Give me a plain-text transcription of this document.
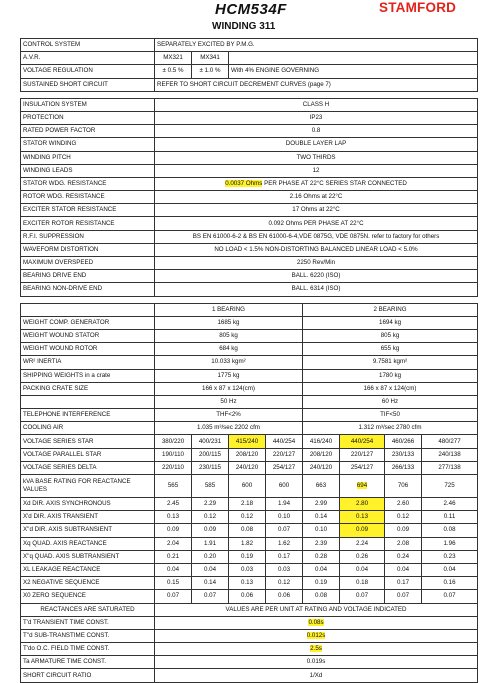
HCM534F	STAMFORD
WINDING 311
CONTROL SYSTEM	SEPARATELY EXCITED BY P.M.G.							
A.V.R.	MX321	MX341						
VOLTAGE REGULATION	± 0.5 %	± 1.0 %	With 4% ENGINE GOVERNING					
SUSTAINED SHORT CIRCUIT	REFER TO SHORT CIRCUIT DECREMENT CURVES (page 7)							

INSULATION SYSTEM	CLASS H							
PROTECTION	IP23							
RATED POWER FACTOR	0.8							
STATOR WINDING	DOUBLE LAYER LAP							
WINDING PITCH	TWO THIRDS							
WINDING LEADS	12							
STATOR WDG. RESISTANCE	0.0037 Ohms PER PHASE AT 22°C SERIES STAR CONNECTED							
ROTOR WDG. RESISTANCE	2.16 Ohms at 22°C							
EXCITER STATOR RESISTANCE	17 Ohms at 22°C							
EXCITER ROTOR RESISTANCE	0.092 Ohms PER PHASE AT 22°C							
R.F.I. SUPPRESSION	BS EN 61000-6-2 & BS EN 61000-6-4,VDE 0875G, VDE 0875N. refer to factory for others							
WAVEFORM DISTORTION	NO LOAD < 1.5% NON-DISTORTING BALANCED LINEAR LOAD < 5.0%							
MAXIMUM OVERSPEED	2250 Rev/Min							
BEARING DRIVE END	BALL. 6220 (ISO)							
BEARING NON-DRIVE END	BALL. 6314 (ISO)							

	1 BEARING				2 BEARING			
WEIGHT COMP. GENERATOR	1685 kg				1694 kg			
WEIGHT WOUND STATOR	805 kg				805 kg			
WEIGHT WOUND ROTOR	684 kg				655 kg			
WR² INERTIA	10.033 kgm²				9.7581 kgm²			
SHIPPING WEIGHTS in a crate	1775 kg				1780 kg			
PACKING CRATE SIZE	166 x 87 x 124(cm)				166 x 87 x 124(cm)			
	50 Hz				60 Hz			
TELEPHONE INTERFERENCE	THF<2%				TIF<50			
COOLING AIR	1.035 m³/sec 2202 cfm				1.312 m³/sec 2780 cfm			
VOLTAGE SERIES STAR	380/220	400/231	415/240	440/254	416/240	440/254	460/266	480/277
VOLTAGE PARALLEL STAR	190/110	200/115	208/120	220/127	208/120	220/127	230/133	240/138
VOLTAGE SERIES DELTA	220/110	230/115	240/120	254/127	240/120	254/127	266/133	277/138
kVA BASE RATING FOR REACTANCE VALUES	565	585	600	600	663	694	706	725
Xd DIR. AXIS SYNCHRONOUS	2.45	2.29	2.18	1.94	2.99	2.80	2.60	2.46
X'd DIR. AXIS TRANSIENT	0.13	0.12	0.12	0.10	0.14	0.13	0.12	0.11
X''d DIR. AXIS SUBTRANSIENT	0.09	0.09	0.08	0.07	0.10	0.09	0.09	0.08
Xq QUAD. AXIS REACTANCE	2.04	1.91	1.82	1.62	2.39	2.24	2.08	1.96
X''q QUAD. AXIS SUBTRANSIENT	0.21	0.20	0.19	0.17	0.28	0.26	0.24	0.23
XL LEAKAGE REACTANCE	0.04	0.04	0.03	0.03	0.04	0.04	0.04	0.04
X2 NEGATIVE SEQUENCE	0.15	0.14	0.13	0.12	0.19	0.18	0.17	0.16
X0 ZERO SEQUENCE	0.07	0.07	0.06	0.06	0.08	0.07	0.07	0.07
REACTANCES ARE SATURATED	VALUES ARE PER UNIT AT RATING AND VOLTAGE INDICATED							
T'd TRANSIENT TIME CONST.	0.08s							
T''d SUB-TRANSTIME CONST.	0.012s							
T'do O.C. FIELD TIME CONST.	2.5s							
Ta ARMATURE TIME CONST.	0.019s							
SHORT CIRCUIT RATIO	1/Xd							
